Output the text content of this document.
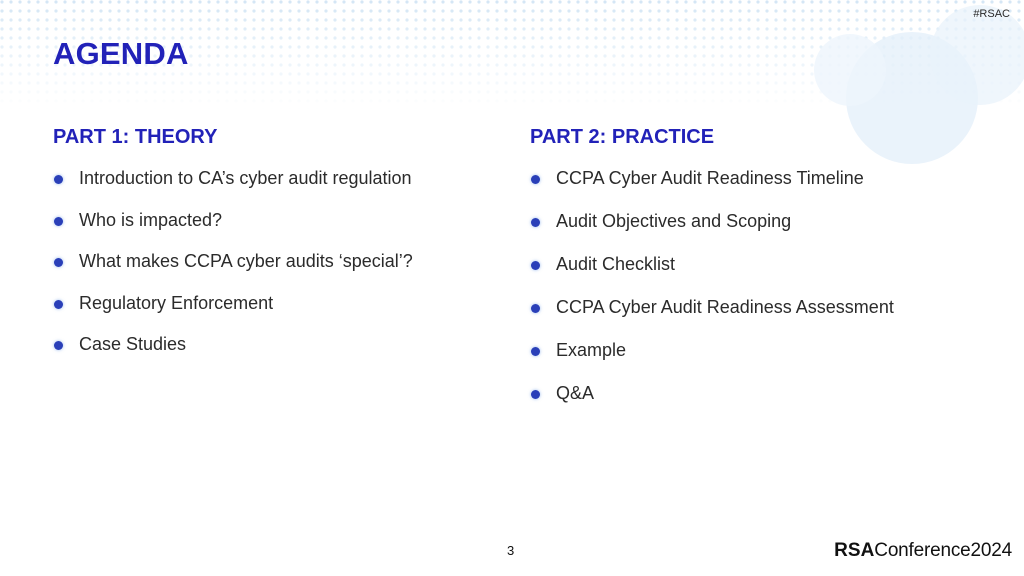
#RSAC
AGENDA
PART 1: THEORY
Introduction to CA’s cyber audit regulation
Who is impacted?
What makes CCPA cyber audits ‘special’?
Regulatory Enforcement
Case Studies
PART 2: PRACTICE
CCPA Cyber Audit Readiness Timeline
Audit Objectives and Scoping
Audit Checklist
CCPA Cyber Audit Readiness Assessment
Example
Q&A
3	RSAConference2024
